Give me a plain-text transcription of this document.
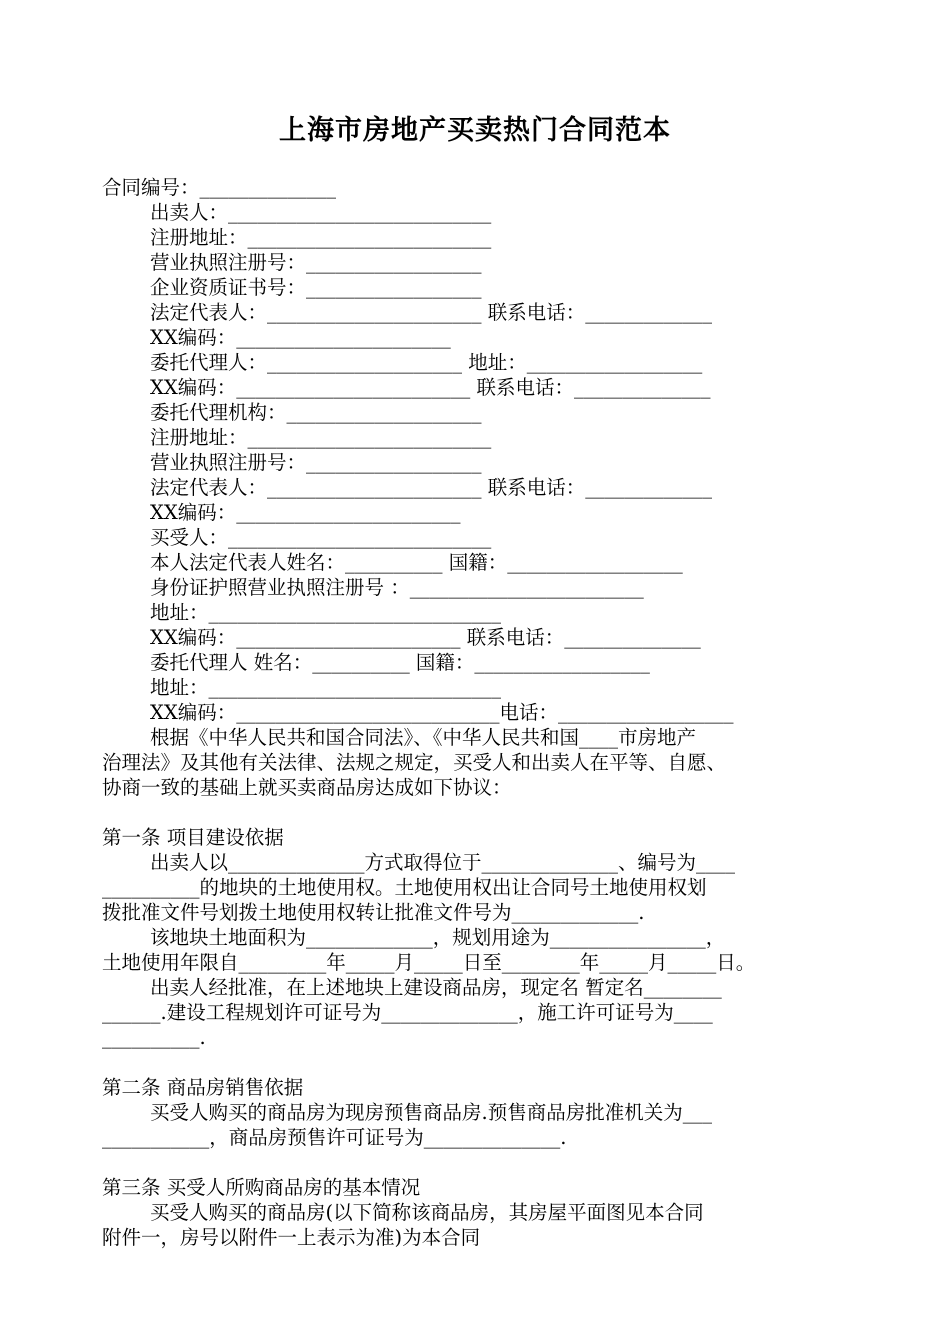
上海市房地产买卖热门合同范本
合同编号：______________
出卖人：___________________________
注册地址：_________________________
营业执照注册号：__________________
企业资质证书号：__________________
法定代表人：______________________ 联系电话：_____________
XX编码：______________________
委托代理人：____________________ 地址：__________________
XX编码：________________________ 联系电话：______________
委托代理机构：____________________
注册地址：_________________________
营业执照注册号：__________________
法定代表人：______________________ 联系电话：_____________
XX编码：_______________________
买受人：___________________________
本人法定代表人姓名：__________ 国籍：__________________
身份证护照营业执照注册号 ：________________________
地址：______________________________
XX编码：_______________________ 联系电话：______________
委托代理人 姓名：__________ 国籍：__________________
地址：______________________________
XX编码：___________________________电话：__________________
根据《中华人民共和国合同法》、《中华人民共和国____市房地产
治理法》及其他有关法律、法规之规定，买受人和出卖人在平等、自愿、
协商一致的基础上就买卖商品房达成如下协议：
第一条 项目建设依据
出卖人以______________方式取得位于______________、编号为____
__________的地块的土地使用权。土地使用权出让合同号土地使用权划
拨批准文件号划拨土地使用权转让批准文件号为_____________.
该地块土地面积为_____________，规划用途为________________，
土地使用年限自_________年_____月_____日至________年_____月_____日。
出卖人经批准，在上述地块上建设商品房，现定名 暂定名________
______.建设工程规划许可证号为______________，施工许可证号为____
__________.
第二条 商品房销售依据
买受人购买的商品房为现房预售商品房.预售商品房批准机关为___
___________，商品房预售许可证号为______________.
第三条 买受人所购商品房的基本情况
买受人购买的商品房(以下简称该商品房，其房屋平面图见本合同
附件一，房号以附件一上表示为准)为本合同
